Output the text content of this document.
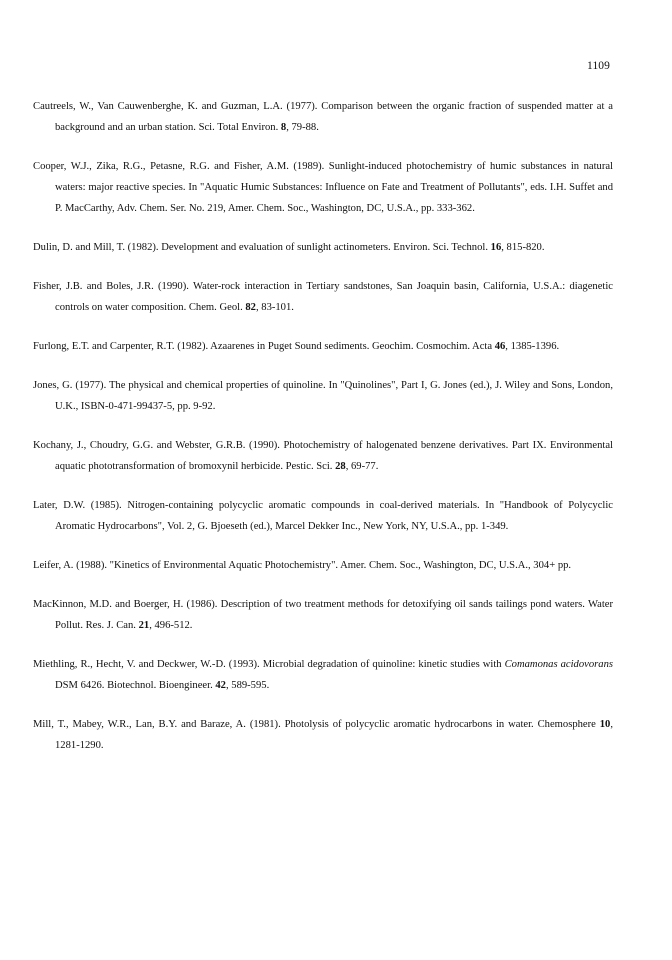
1109

Cautreels, W., Van Cauwenberghe, K. and Guzman, L.A. (1977). Comparison between the organic fraction of suspended matter at a background and an urban station. Sci. Total Environ. 8, 79-88.

Cooper, W.J., Zika, R.G., Petasne, R.G. and Fisher, A.M. (1989). Sunlight-induced photochemistry of humic substances in natural waters: major reactive species. In "Aquatic Humic Substances: Influence on Fate and Treatment of Pollutants", eds. I.H. Suffet and P. MacCarthy, Adv. Chem. Ser. No. 219, Amer. Chem. Soc., Washington, DC, U.S.A., pp. 333-362.

Dulin, D. and Mill, T. (1982). Development and evaluation of sunlight actinometers. Environ. Sci. Technol. 16, 815-820.

Fisher, J.B. and Boles, J.R. (1990). Water-rock interaction in Tertiary sandstones, San Joaquin basin, California, U.S.A.: diagenetic controls on water composition. Chem. Geol. 82, 83-101.

Furlong, E.T. and Carpenter, R.T. (1982). Azaarenes in Puget Sound sediments. Geochim. Cosmochim. Acta 46, 1385-1396.

Jones, G. (1977). The physical and chemical properties of quinoline. In "Quinolines", Part I, G. Jones (ed.), J. Wiley and Sons, London, U.K., ISBN-0-471-99437-5, pp. 9-92.

Kochany, J., Choudry, G.G. and Webster, G.R.B. (1990). Photochemistry of halogenated benzene derivatives. Part IX. Environmental aquatic phototransformation of bromoxynil herbicide. Pestic. Sci. 28, 69-77.

Later, D.W. (1985). Nitrogen-containing polycyclic aromatic compounds in coal-derived materials. In "Handbook of Polycyclic Aromatic Hydrocarbons", Vol. 2, G. Bjoeseth (ed.), Marcel Dekker Inc., New York, NY, U.S.A., pp. 1-349.

Leifer, A. (1988). "Kinetics of Environmental Aquatic Photochemistry". Amer. Chem. Soc., Washington, DC, U.S.A., 304+ pp.

MacKinnon, M.D. and Boerger, H. (1986). Description of two treatment methods for detoxifying oil sands tailings pond waters. Water Pollut. Res. J. Can. 21, 496-512.

Miethling, R., Hecht, V. and Deckwer, W.-D. (1993). Microbial degradation of quinoline: kinetic studies with Comamonas acidovorans DSM 6426. Biotechnol. Bioengineer. 42, 589-595.

Mill, T., Mabey, W.R., Lan, B.Y. and Baraze, A. (1981). Photolysis of polycyclic aromatic hydrocarbons in water. Chemosphere 10, 1281-1290.
